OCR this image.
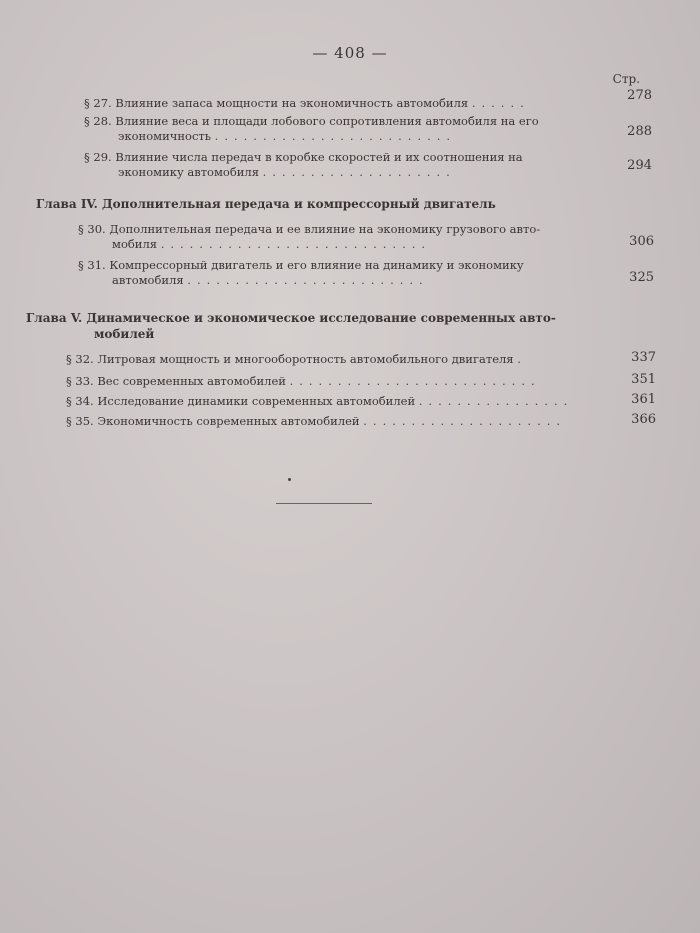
— 408 —
Стр.
§ 27. Влияние запаса мощности на экономичность автомобиля ......	278
§ 28. Влияние веса и площади лобового сопротивления автомобиля на его
экономичность .........................	288
§ 29. Влияние числа передач в коробке скоростей и их соотношения на
экономику автомобиля ....................	294
Глава IV. Дополнительная передача и компрессорный двигатель
§ 30. Дополнительная передача и ее влияние на экономику грузового авто-
мобиля ............................	306
§ 31. Компрессорный двигатель и его влияние на динамику и экономику
автомобиля .........................	325
Глава V. Динамическое и экономическое исследование современных авто-
мобилей
§ 32. Литровая мощность и многооборотность автомобильного двигателя .	337
§ 33. Вес современных автомобилей ..........................	351
§ 34. Исследование динамики современных автомобилей ................	361
§ 35. Экономичность современных автомобилей .....................	366
